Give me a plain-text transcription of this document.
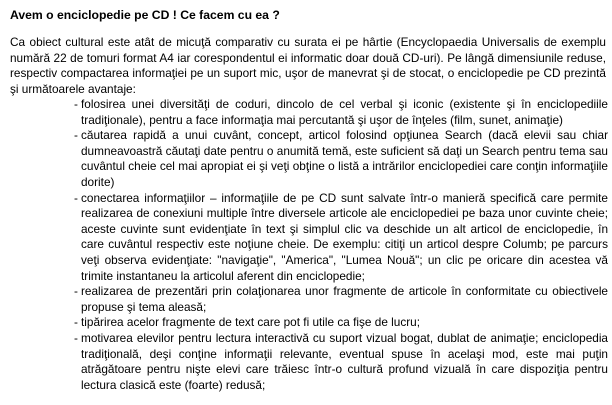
Avem o enciclopedie pe CD ! Ce facem cu ea ?
Ca obiect cultural este atât de micuţă comparativ cu surata ei pe hârtie (Encyclopaedia Universalis de exemplu numără 22 de tomuri format A4 iar corespondentul ei informatic doar două CD-uri). Pe lângă dimensiunile reduse, respectiv compactarea informaţiei pe un suport mic, uşor de manevrat şi de stocat, o enciclopedie pe CD prezintă şi următoarele avantaje:
- folosirea unei diversităţi de coduri, dincolo de cel verbal şi iconic (existente şi în enciclopediile tradiţionale), pentru a face informaţia mai percutantă şi uşor de înţeles (film, sunet, animaţie)
- căutarea rapidă a unui cuvânt, concept, articol folosind opţiunea Search (dacă elevii sau chiar dumneavoastră căutaţi date pentru o anumită temă, este suficient să daţi un Search pentru tema sau cuvântul cheie cel mai apropiat ei şi veţi obţine o listă a intrărilor enciclopediei care conţin informaţiile dorite)
- conectarea informaţiilor – informaţiile de pe CD sunt salvate într-o manieră specifică care permite realizarea de conexiuni multiple între diversele articole ale enciclopediei pe baza unor cuvinte cheie; aceste cuvinte sunt evidenţiate în text şi simplul clic va deschide un alt articol de enciclopedie, în care cuvântul respectiv este noţiune cheie. De exemplu: citiţi un articol despre Columb; pe parcurs veţi observa evidenţiate: "navigaţie", "America", "Lumea Nouă"; un clic pe oricare din acestea vă trimite instantaneu la articolul aferent din enciclopedie;
- realizarea de prezentări prin colaţionarea unor fragmente de articole în conformitate cu obiectivele propuse şi tema aleasă;
- tipărirea acelor fragmente de text care pot fi utile ca fişe de lucru;
- motivarea elevilor pentru lectura interactivă cu suport vizual bogat, dublat de animaţie; enciclopedia tradiţională, deşi conţine informaţii relevante, eventual spuse în acelaşi mod, este mai puţin atrăgătoare pentru nişte elevi care trăiesc într-o cultură profund vizuală în care dispoziţia pentru lectura clasică este (foarte) redusă;
